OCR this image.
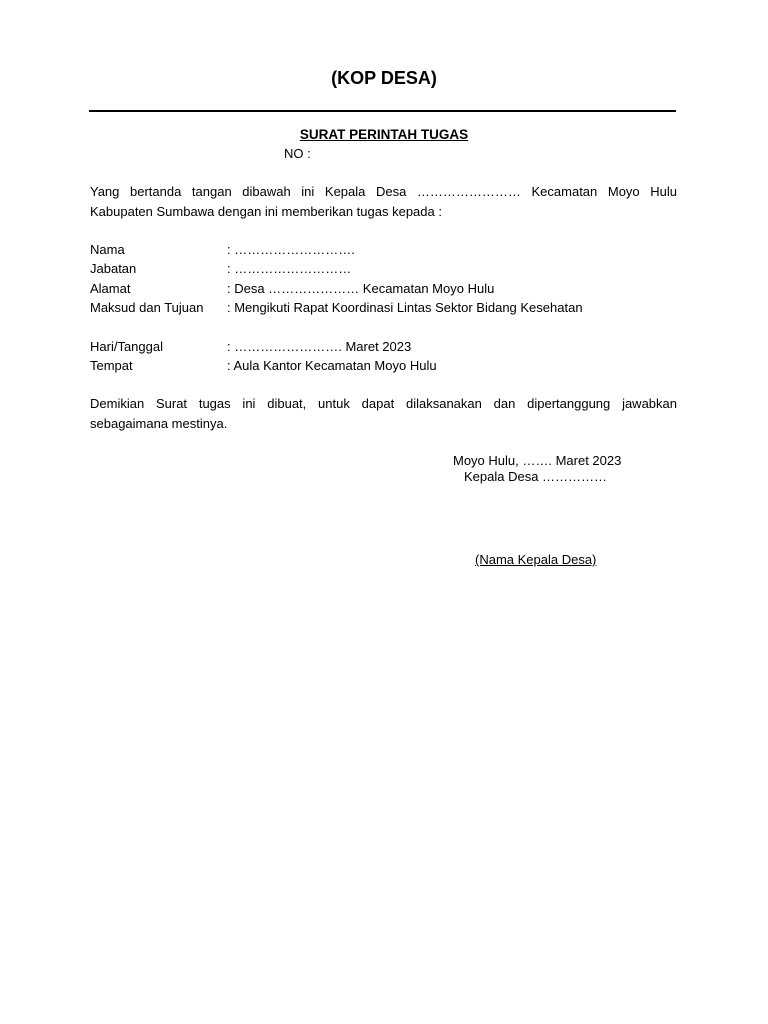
(KOP DESA)
SURAT PERINTAH TUGAS
NO :
Yang bertanda tangan dibawah ini Kepala Desa …………………… Kecamatan Moyo Hulu
Kabupaten Sumbawa dengan ini memberikan tugas kepada :
Nama	: ……………………….
Jabatan	: ………………………
Alamat	: Desa ………………… Kecamatan Moyo Hulu
Maksud dan Tujuan	: Mengikuti Rapat Koordinasi Lintas Sektor Bidang Kesehatan
Hari/Tanggal	: ……………………. Maret 2023
Tempat	: Aula Kantor Kecamatan Moyo Hulu
Demikian Surat tugas ini dibuat, untuk dapat dilaksanakan dan dipertanggung jawabkan
sebagaimana mestinya.
Moyo Hulu, ……. Maret 2023
Kepala Desa ……………
(Nama Kepala Desa)
